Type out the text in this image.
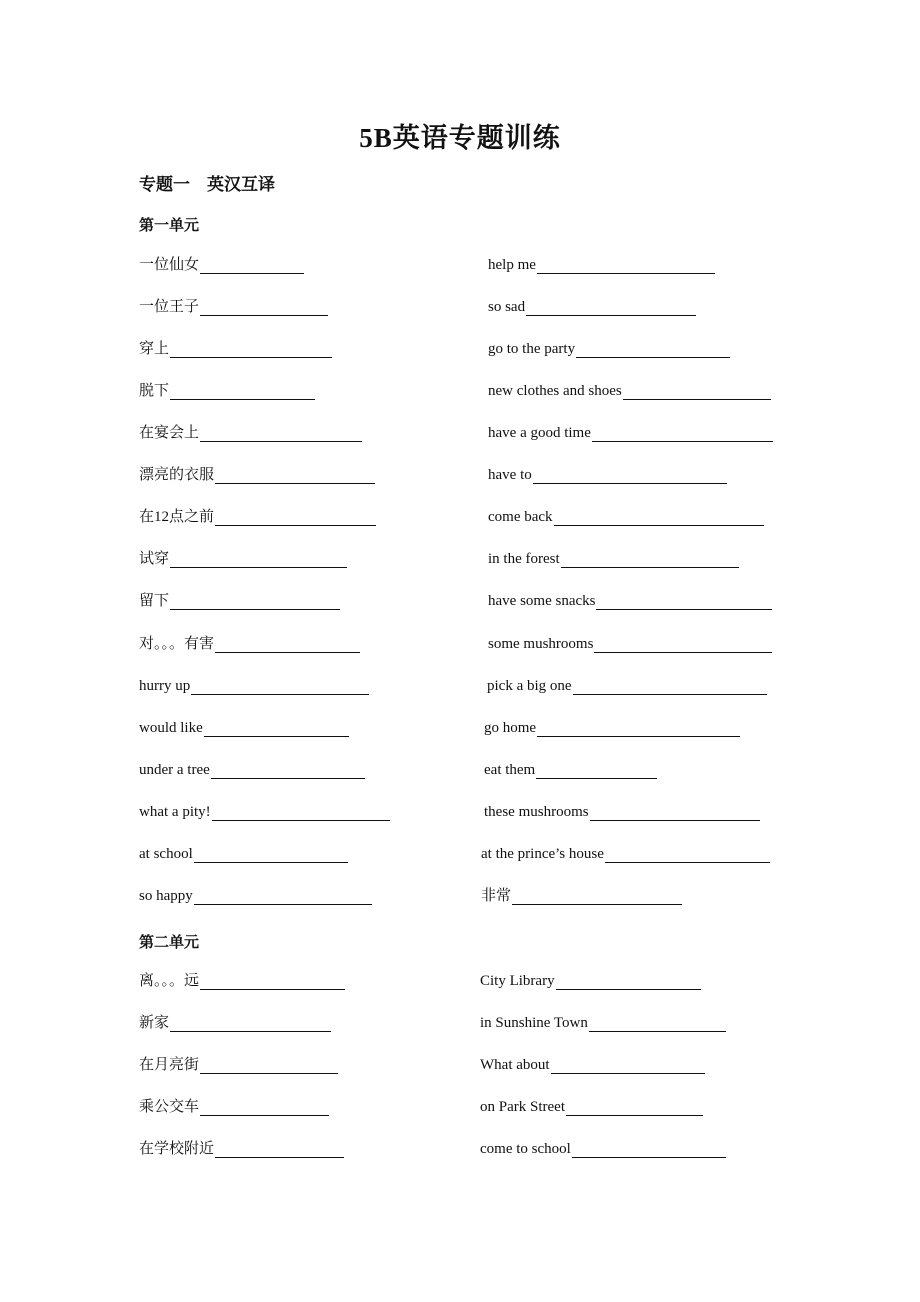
5B英语专题训练
专题一    英汉互译
第一单元
第二单元
一位仙女	help me
一位王子	so sad
穿上	go to the party
脱下	new clothes and shoes
在宴会上	have a good time
漂亮的衣服	have to
在12点之前	come back
试穿	in the forest
留下	have some snacks
对。。。有害	some mushrooms
hurry up	pick a big one
would like	go home
under a tree	eat them
what a pity!	these mushrooms
at school	at the prince’s house
so happy	非常
离。。。远	City Library
新家	in Sunshine Town
在月亮街	What about
乘公交车	on Park Street
在学校附近	come to school
